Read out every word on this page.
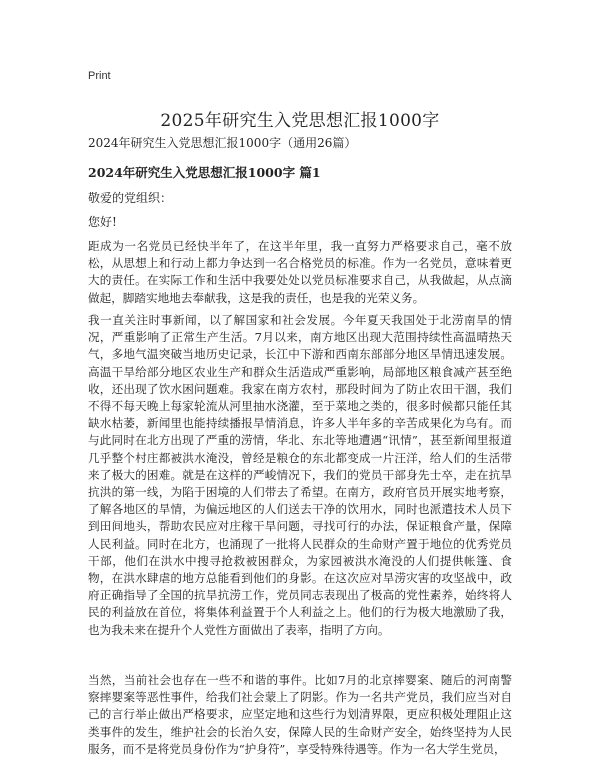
Print
2025年研究生入党思想汇报1000字
2024年研究生入党思想汇报1000字（通用26篇）
2024年研究生入党思想汇报1000字 篇1
敬爱的党组织：
您好!

距成为一名党员已经快半年了，在这半年里，我一直努力严格要求自己，毫不放松，从思想上和行动上都力争达到一名合格党员的标准。作为一名党员，意味着更大的责任。在实际工作和生活中我要处处以党员标准要求自己，从我做起，从点滴做起，脚踏实地地去奉献我，这是我的责任，也是我的光荣义务。

我一直关注时事新闻，以了解国家和社会发展。今年夏天我国处于北涝南旱的情况，严重影响了正常生产生活。7月以来，南方地区出现大范围持续性高温晴热天气，多地气温突破当地历史记录，长江中下游和西南东部部分地区旱情迅速发展。高温干旱给部分地区农业生产和群众生活造成严重影响，局部地区粮食减产甚至绝收，还出现了饮水困问题难。我家在南方农村，那段时间为了防止农田干涸，我们不得不每天晚上每家轮流从河里抽水浇灌，至于菜地之类的，很多时候都只能任其缺水枯萎，新闻里也能持续播报旱情消息，许多人半年多的辛苦成果化为乌有。而与此同时在北方出现了严重的涝情，华北、东北等地遭遇“讯情”，甚至新闻里报道几乎整个村庄都被洪水淹没，曾经是粮仓的东北都变成一片汪洋，给人们的生活带来了极大的困难。就是在这样的严峻情况下，我们的党员干部身先士卒，走在抗旱抗洪的第一线，为陷于困境的人们带去了希望。在南方，政府官员开展实地考察，了解各地区的旱情，为偏远地区的人们送去干净的饮用水，同时也派遣技术人员下到田间地头，帮助农民应对庄稼干旱问题，寻找可行的办法，保证粮食产量，保障人民利益。同时在北方，也涌现了一批将人民群众的生命财产置于地位的优秀党员干部，他们在洪水中搜寻抢救被困群众，为家园被洪水淹没的人们提供帐篷、食物，在洪水肆虐的地方总能看到他们的身影。在这次应对旱涝灾害的攻坚战中，政府正确指导了全国的抗旱抗涝工作，党员同志表现出了极高的党性素养，始终将人民的利益放在首位，将集体利益置于个人利益之上。他们的行为极大地激励了我，也为我未来在提升个人党性方面做出了表率，指明了方向。

当然，当前社会也存在一些不和谐的事件。比如7月的北京摔婴案、随后的河南警察摔婴案等恶性事件，给我们社会蒙上了阴影。作为一名共产党员，我们应当对自己的言行举止做出严格要求，应坚定地和这些行为划清界限，更应积极处理阻止这类事件的发生，维护社会的长治久安，保障人民的生命财产安全，始终坚持为人民服务，而不是将党员身份作为“护身符”，享受特殊待遇等。作为一名大学生党员，
